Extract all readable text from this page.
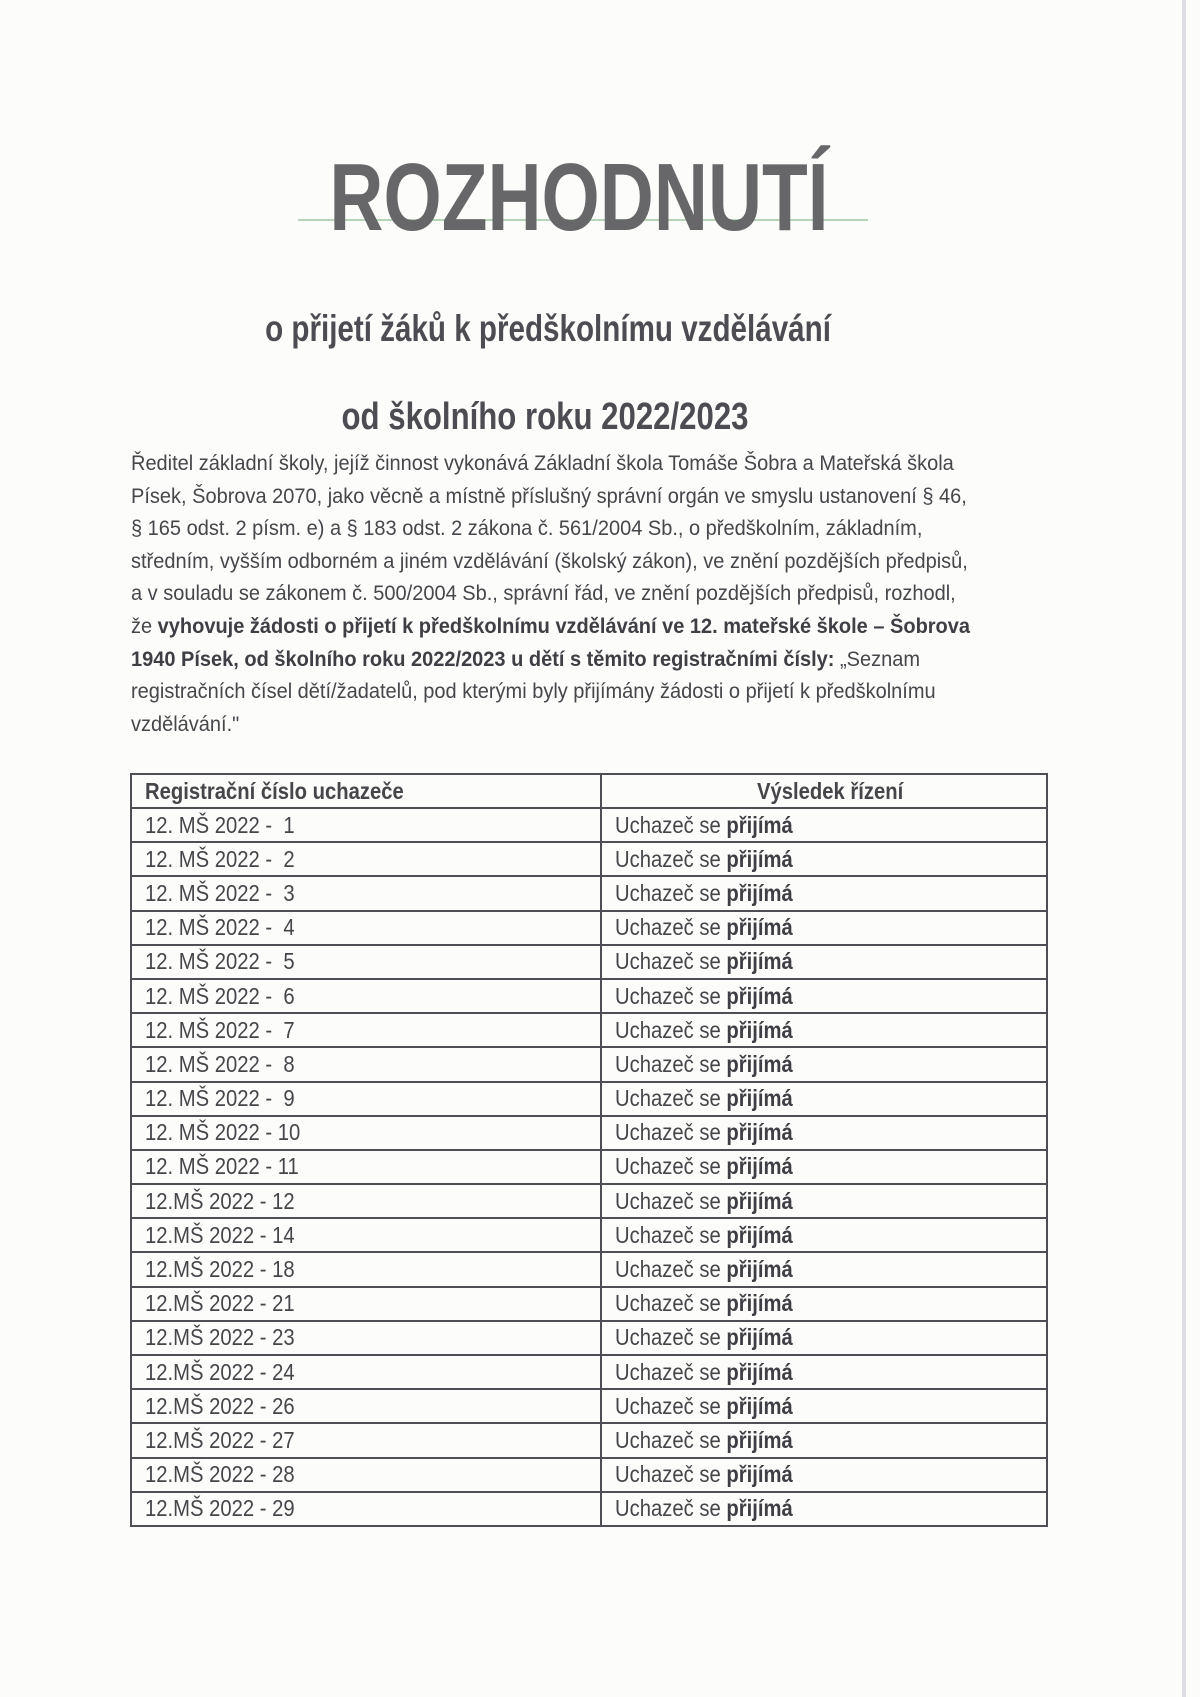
ROZHODNUTÍ
o přijetí žáků k předškolnímu vzdělávání
od školního roku 2022/2023
Ředitel základní školy, jejíž činnost vykonává Základní škola Tomáše Šobra a Mateřská škola
Písek, Šobrova 2070, jako věcně a místně příslušný správní orgán ve smyslu ustanovení § 46,
§ 165 odst. 2 písm. e) a § 183 odst. 2 zákona č. 561/2004 Sb., o předškolním, základním,
středním, vyšším odborném a jiném vzdělávání (školský zákon), ve znění pozdějších předpisů,
a v souladu se zákonem č. 500/2004 Sb., správní řád, ve znění pozdějších předpisů, rozhodl,
že vyhovuje žádosti o přijetí k předškolnímu vzdělávání ve 12. mateřské škole – Šobrova
1940 Písek, od školního roku 2022/2023 u dětí s těmito registračními čísly: „Seznam
registračních čísel dětí/žadatelů, pod kterými byly přijímány žádosti o přijetí k předškolnímu
vzdělávání."
Registrační číslo uchazeče	Výsledek řízení
12. MŠ 2022 -  1	Uchazeč se přijímá
12. MŠ 2022 -  2	Uchazeč se přijímá
12. MŠ 2022 -  3	Uchazeč se přijímá
12. MŠ 2022 -  4	Uchazeč se přijímá
12. MŠ 2022 -  5	Uchazeč se přijímá
12. MŠ 2022 -  6	Uchazeč se přijímá
12. MŠ 2022 -  7	Uchazeč se přijímá
12. MŠ 2022 -  8	Uchazeč se přijímá
12. MŠ 2022 -  9	Uchazeč se přijímá
12. MŠ 2022 - 10	Uchazeč se přijímá
12. MŠ 2022 - 11	Uchazeč se přijímá
12.MŠ 2022 - 12	Uchazeč se přijímá
12.MŠ 2022 - 14	Uchazeč se přijímá
12.MŠ 2022 - 18	Uchazeč se přijímá
12.MŠ 2022 - 21	Uchazeč se přijímá
12.MŠ 2022 - 23	Uchazeč se přijímá
12.MŠ 2022 - 24	Uchazeč se přijímá
12.MŠ 2022 - 26	Uchazeč se přijímá
12.MŠ 2022 - 27	Uchazeč se přijímá
12.MŠ 2022 - 28	Uchazeč se přijímá
12.MŠ 2022 - 29	Uchazeč se přijímá
